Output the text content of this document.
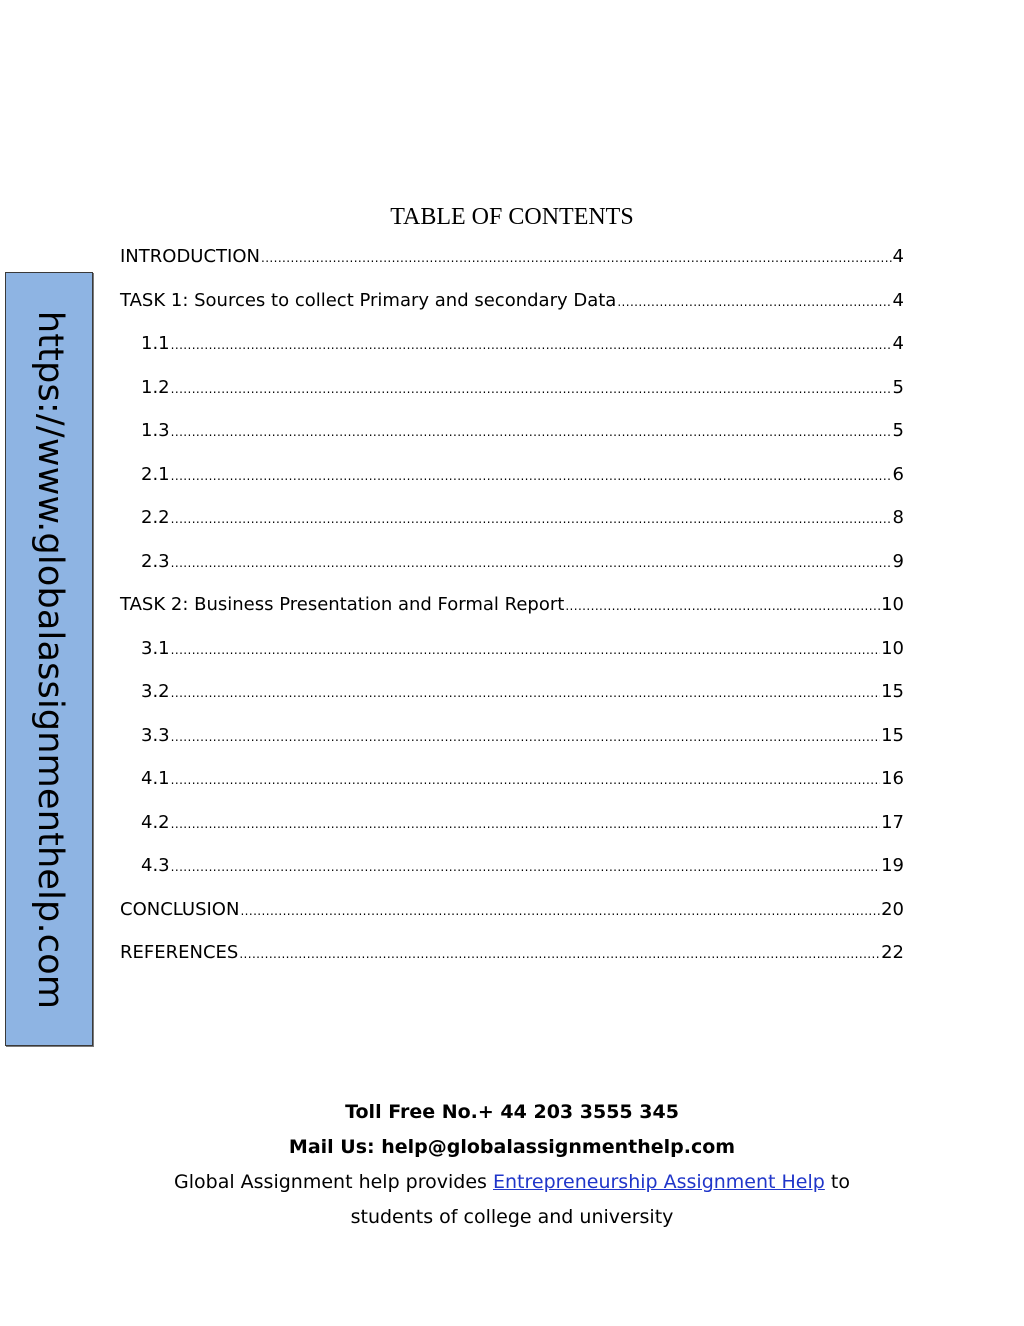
https://www.globalassignmenthelp.com
TABLE OF CONTENTS
INTRODUCTION .....	4
TASK 1: Sources to collect Primary and secondary Data .....	4
1.1 .....	4
1.2 .....	5
1.3 .....	5
2.1 .....	6
2.2 .....	8
2.3 .....	9
TASK 2: Business Presentation and Formal Report .....	10
3.1 .....	10
3.2 .....	15
3.3 .....	15
4.1 .....	16
4.2 .....	17
4.3 .....	19
CONCLUSION .....	20
REFERENCES .....	22
Toll Free No.+ 44 203 3555 345
Mail Us: help@globalassignmenthelp.com
Global Assignment help provides Entrepreneurship Assignment Help to
students of college and university
